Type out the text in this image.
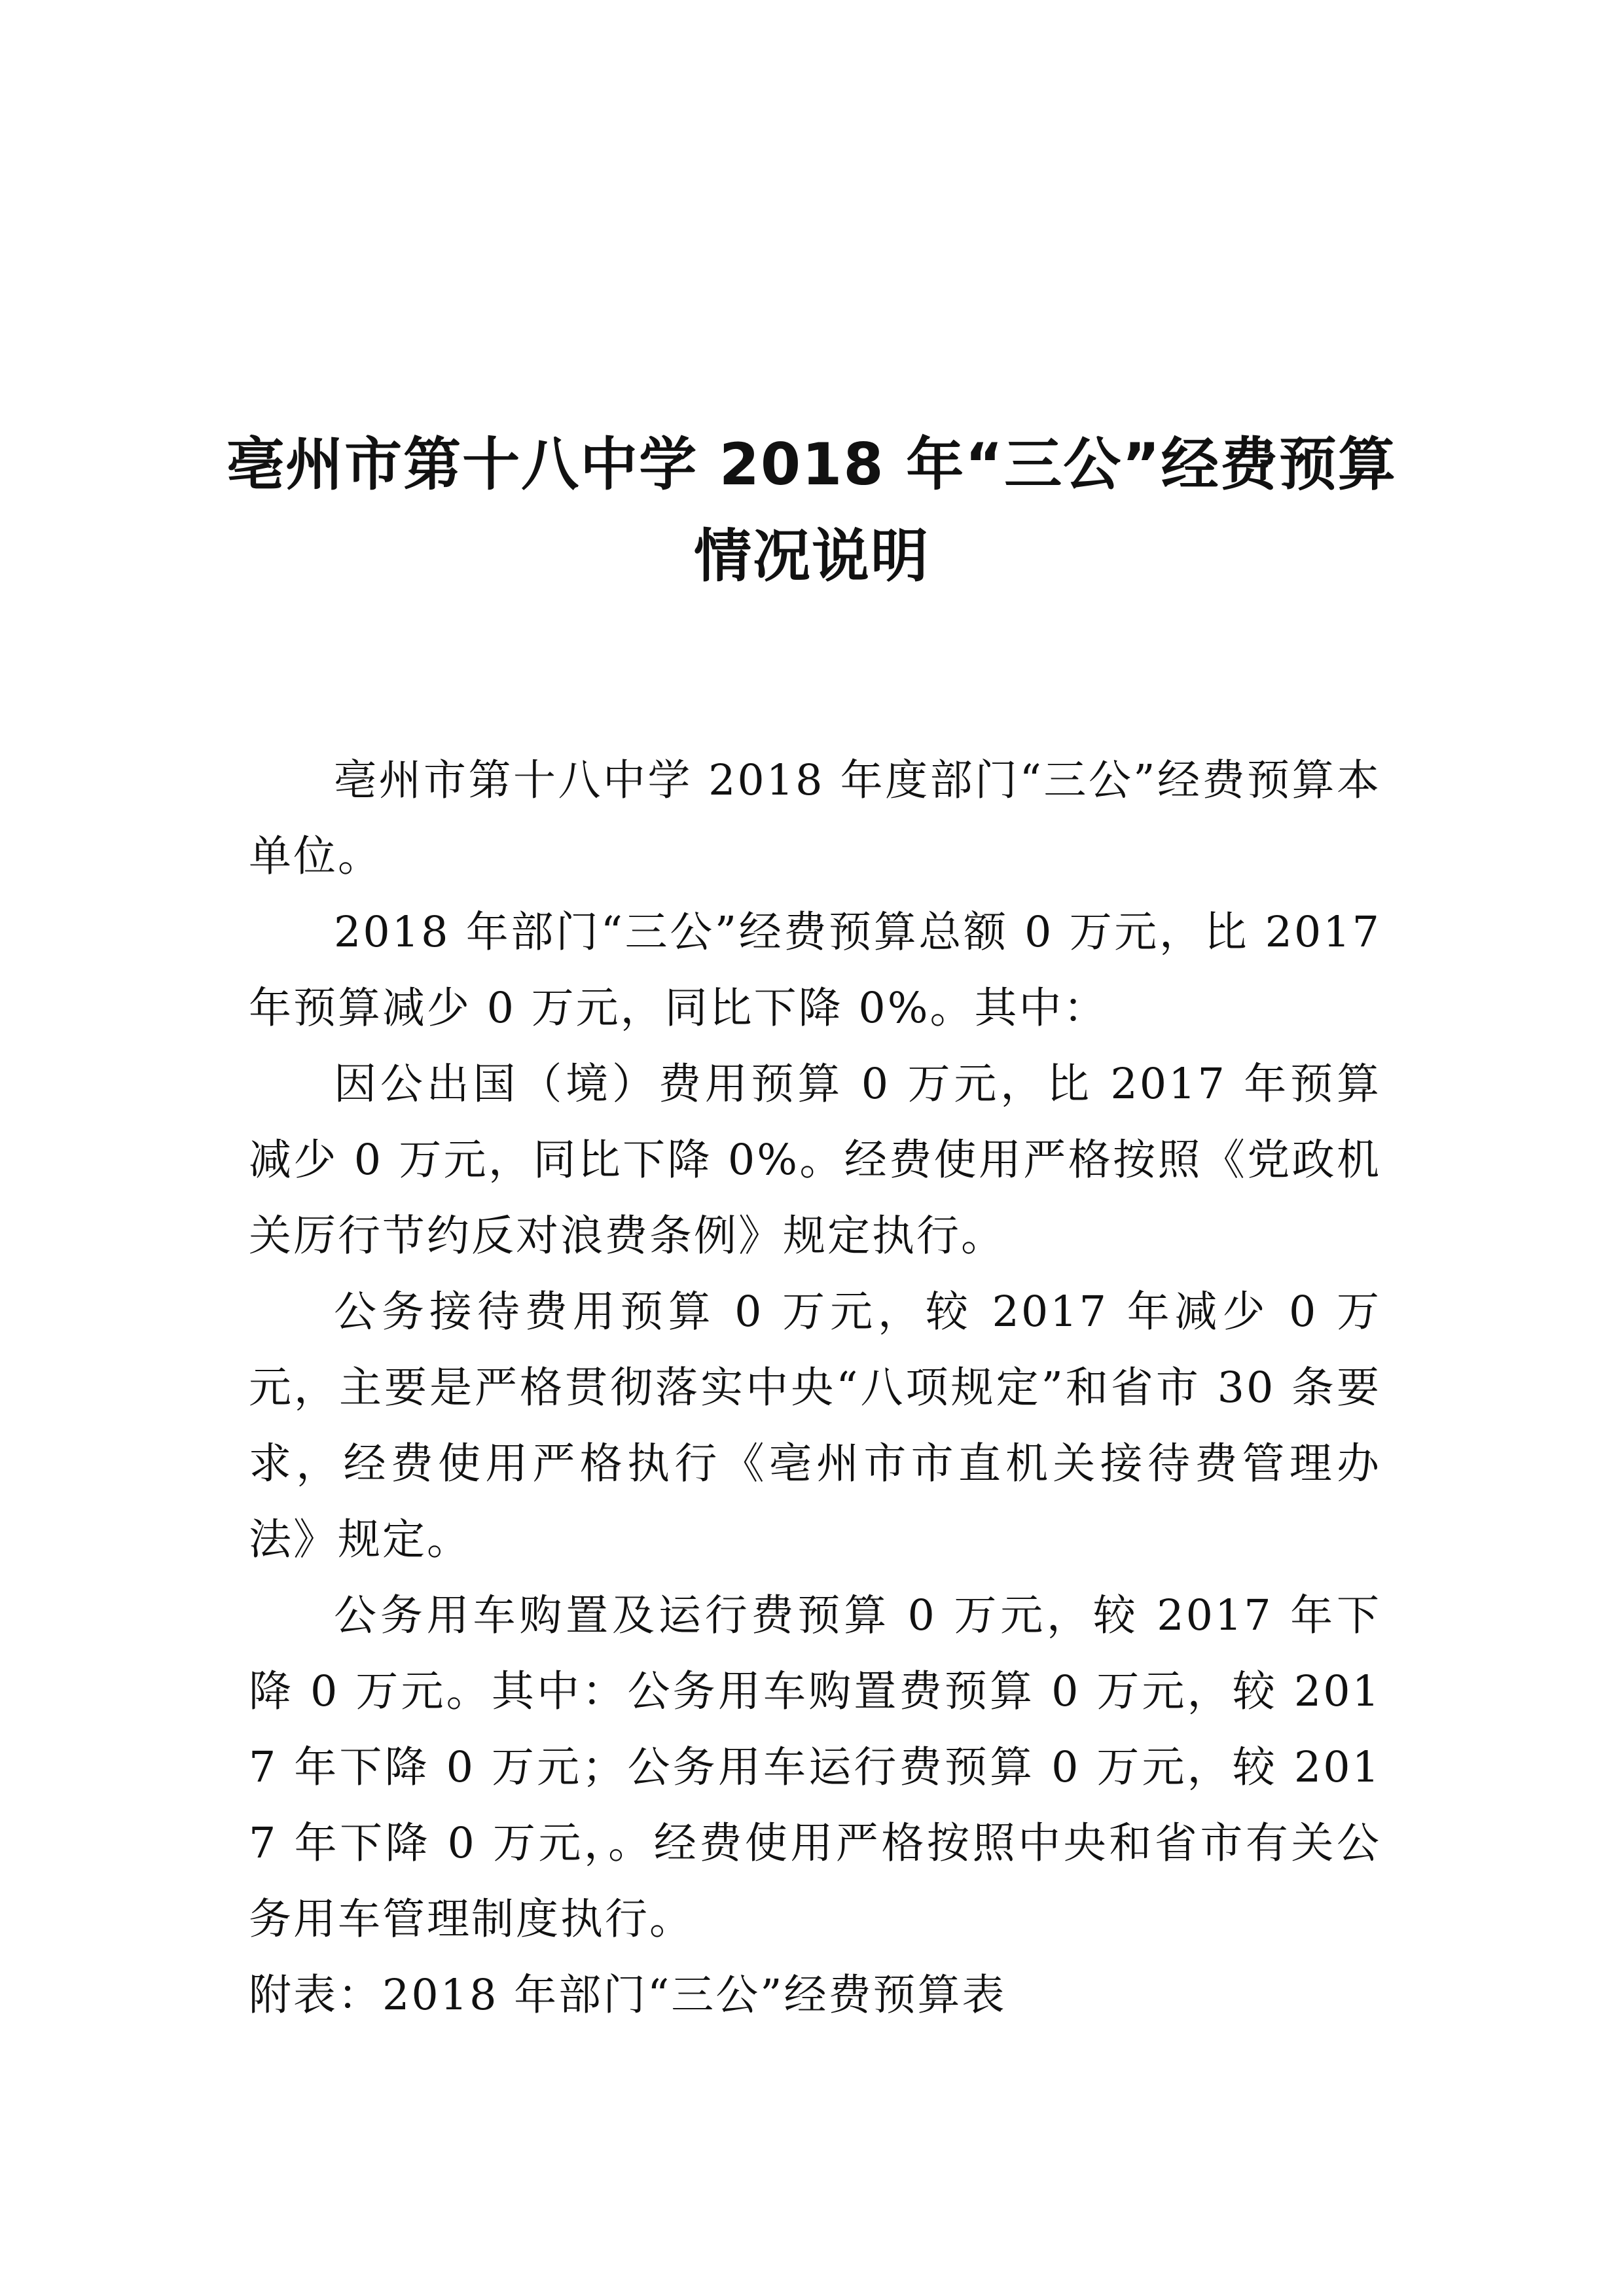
亳州市第十八中学 2018 年“三公”经费预算情况说明

亳州市第十八中学 2018 年度部门“三公”经费预算本单位。

2018 年部门“三公”经费预算总额 0 万元，比 2017 年预算减少 0 万元，同比下降 0%。其中：

因公出国（境）费用预算 0 万元，比 2017 年预算减少 0 万元，同比下降 0%。经费使用严格按照《党政机关厉行节约反对浪费条例》规定执行。

公务接待费用预算 0 万元，较 2017 年减少 0 万元，主要是严格贯彻落实中央“八项规定”和省市 30 条要求，经费使用严格执行《亳州市市直机关接待费管理办法》规定。

公务用车购置及运行费预算 0 万元，较 2017 年下降 0 万元。其中：公务用车购置费预算 0 万元，较 2017 年下降 0 万元；公务用车运行费预算 0 万元，较 2017 年下降 0 万元，。经费使用严格按照中央和省市有关公务用车管理制度执行。

附表：2018 年部门“三公”经费预算表
